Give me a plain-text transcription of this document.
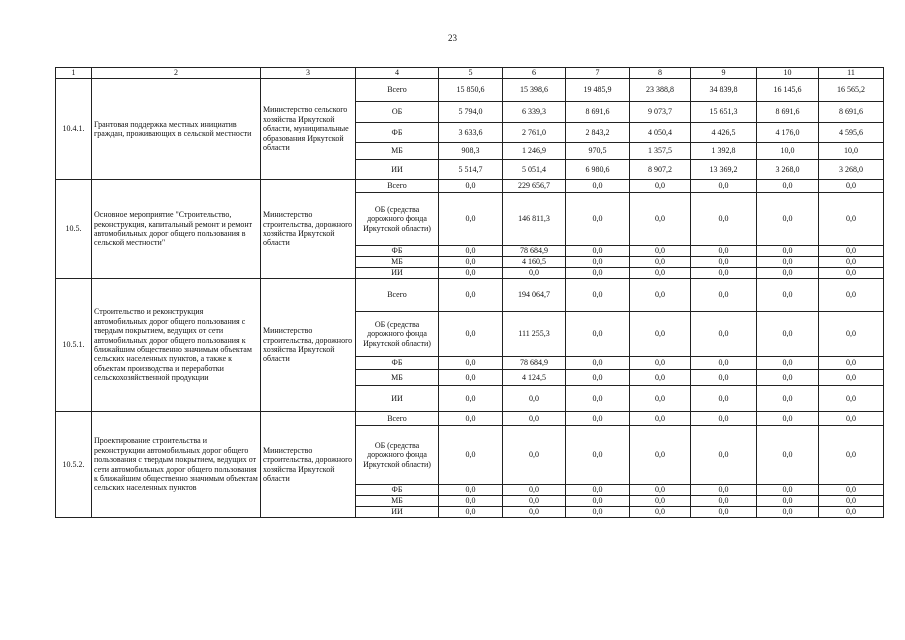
23
1	2	3	4	5	6	7	8	9	10	11
10.4.1.	Грантовая поддержка местных инициатив граждан, проживающих в сельской местности	Министерство сельского хозяйства Иркутской области, муниципальные образования Иркутской области	Всего	15 850,6	15 398,6	19 485,9	23 388,8	34 839,8	16 145,6	16 565,2
			ОБ	5 794,0	6 339,3	8 691,6	9 073,7	15 651,3	8 691,6	8 691,6
			ФБ	3 633,6	2 761,0	2 843,2	4 050,4	4 426,5	4 176,0	4 595,6
			МБ	908,3	1 246,9	970,5	1 357,5	1 392,8	10,0	10,0
			ИИ	5 514,7	5 051,4	6 980,6	8 907,2	13 369,2	3 268,0	3 268,0
10.5.	Основное мероприятие "Строительство, реконструкция, капитальный ремонт и ремонт автомобильных дорог общего пользования в сельской местности"	Министерство строительства, дорожного хозяйства Иркутской области	Всего	0,0	229 656,7	0,0	0,0	0,0	0,0	0,0
			ОБ (средства дорожного фонда Иркутской области)	0,0	146 811,3	0,0	0,0	0,0	0,0	0,0
			ФБ	0,0	78 684,9	0,0	0,0	0,0	0,0	0,0
			МБ	0,0	4 160,5	0,0	0,0	0,0	0,0	0,0
			ИИ	0,0	0,0	0,0	0,0	0,0	0,0	0,0
10.5.1.	Строительство и реконструкция автомобильных дорог общего пользования с твердым покрытием, ведущих от сети автомобильных дорог общего пользования к ближайшим общественно значимым объектам сельских населенных пунктов, а также к объектам производства и переработки сельскохозяйственной продукции	Министерство строительства, дорожного хозяйства Иркутской области	Всего	0,0	194 064,7	0,0	0,0	0,0	0,0	0,0
			ОБ (средства дорожного фонда Иркутской области)	0,0	111 255,3	0,0	0,0	0,0	0,0	0,0
			ФБ	0,0	78 684,9	0,0	0,0	0,0	0,0	0,0
			МБ	0,0	4 124,5	0,0	0,0	0,0	0,0	0,0
			ИИ	0,0	0,0	0,0	0,0	0,0	0,0	0,0
10.5.2.	Проектирование строительства и реконструкции автомобильных дорог общего пользования с твердым покрытием, ведущих от сети автомобильных дорог общего пользования к ближайшим общественно значимым объектам сельских населенных пунктов	Министерство строительства, дорожного хозяйства Иркутской области	Всего	0,0	0,0	0,0	0,0	0,0	0,0	0,0
			ОБ (средства дорожного фонда Иркутской области)	0,0	0,0	0,0	0,0	0,0	0,0	0,0
			ФБ	0,0	0,0	0,0	0,0	0,0	0,0	0,0
			МБ	0,0	0,0	0,0	0,0	0,0	0,0	0,0
			ИИ	0,0	0,0	0,0	0,0	0,0	0,0	0,0
